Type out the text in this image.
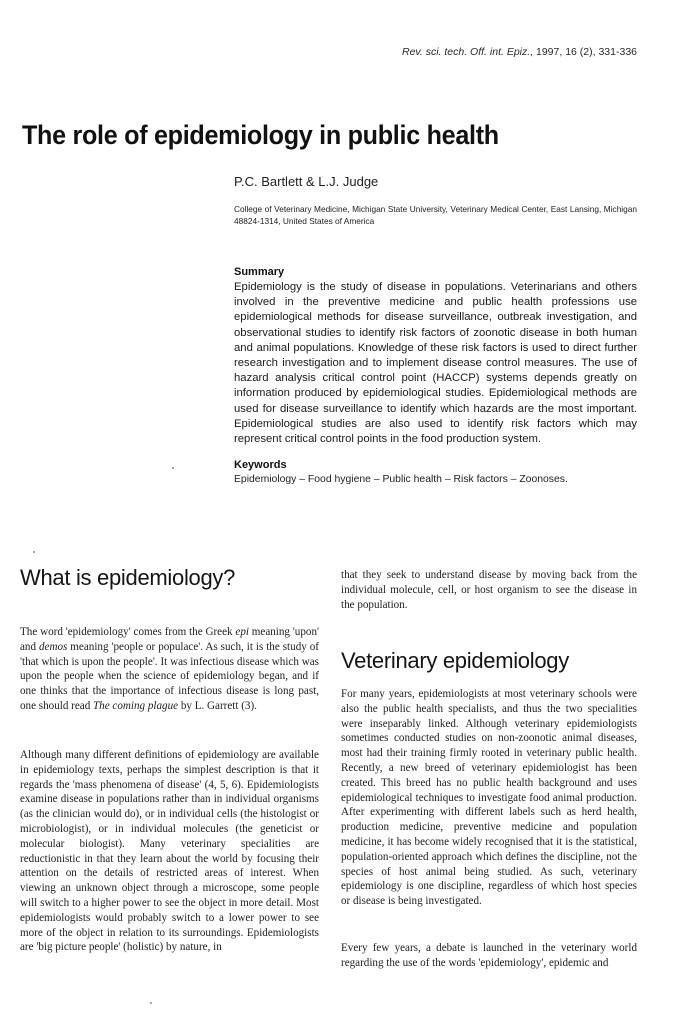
Rev. sci. tech. Off. int. Epiz., 1997, 16 (2), 331-336
The role of epidemiology in public health
P.C. Bartlett & L.J. Judge
College of Veterinary Medicine, Michigan State University, Veterinary Medical Center, East Lansing, Michigan 48824-1314, United States of America
Summary
Epidemiology is the study of disease in populations. Veterinarians and others involved in the preventive medicine and public health professions use epidemiological methods for disease surveillance, outbreak investigation, and observational studies to identify risk factors of zoonotic disease in both human and animal populations. Knowledge of these risk factors is used to direct further research investigation and to implement disease control measures. The use of hazard analysis critical control point (HACCP) systems depends greatly on information produced by epidemiological studies. Epidemiological methods are used for disease surveillance to identify which hazards are the most important. Epidemiological studies are also used to identify risk factors which may represent critical control points in the food production system.
Keywords
Epidemiology – Food hygiene – Public health – Risk factors – Zoonoses.
What is epidemiology?

The word 'epidemiology' comes from the Greek epi meaning 'upon' and demos meaning 'people or populace'. As such, it is the study of 'that which is upon the people'. It was infectious disease which was upon the people when the science of epidemiology began, and if one thinks that the importance of infectious disease is long past, one should read The coming plague by L. Garrett (3).

Although many different definitions of epidemiology are available in epidemiology texts, perhaps the simplest description is that it regards the 'mass phenomena of disease' (4, 5, 6). Epidemiologists examine disease in populations rather than in individual organisms (as the clinician would do), or in individual cells (the histologist or microbiologist), or in individual molecules (the geneticist or molecular biologist). Many veterinary specialities are reductionistic in that they learn about the world by focusing their attention on the details of restricted areas of interest. When viewing an unknown object through a microscope, some people will switch to a higher power to see the object in more detail. Most epidemiologists would probably switch to a lower power to see more of the object in relation to its surroundings. Epidemiologists are 'big picture people' (holistic) by nature, in

that they seek to understand disease by moving back from the individual molecule, cell, or host organism to see the disease in the population.

Veterinary epidemiology

For many years, epidemiologists at most veterinary schools were also the public health specialists, and thus the two specialities were inseparably linked. Although veterinary epidemiologists sometimes conducted studies on non-zoonotic animal diseases, most had their training firmly rooted in veterinary public health. Recently, a new breed of veterinary epidemiologist has been created. This breed has no public health background and uses epidemiological techniques to investigate food animal production. After experimenting with different labels such as herd health, production medicine, preventive medicine and population medicine, it has become widely recognised that it is the statistical, population-oriented approach which defines the discipline, not the species of host animal being studied. As such, veterinary epidemiology is one discipline, regardless of which host species or disease is being investigated.

Every few years, a debate is launched in the veterinary world regarding the use of the words 'epidemiology', epidemic and
